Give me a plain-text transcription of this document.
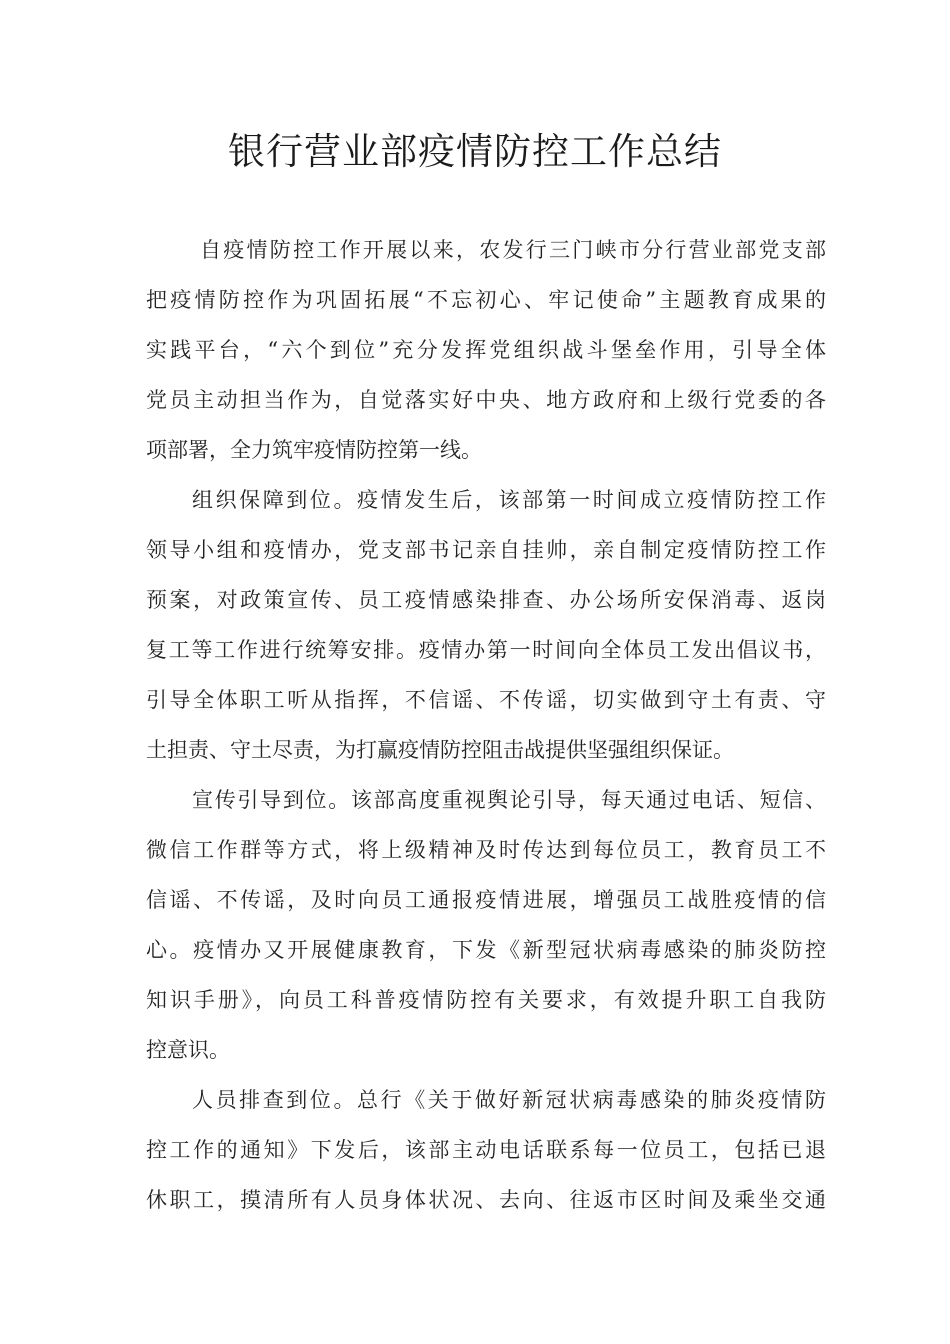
银行营业部疫情防控工作总结

自疫情防控工作开展以来，农发行三门峡市分行营业部党支部

把疫情防控作为巩固拓展“不忘初心、牢记使命”主题教育成果的

实践平台，“六个到位”充分发挥党组织战斗堡垒作用，引导全体

党员主动担当作为，自觉落实好中央、地方政府和上级行党委的各

项部署，全力筑牢疫情防控第一线。

组织保障到位。疫情发生后，该部第一时间成立疫情防控工作

领导小组和疫情办，党支部书记亲自挂帅，亲自制定疫情防控工作

预案，对政策宣传、员工疫情感染排查、办公场所安保消毒、返岗

复工等工作进行统筹安排。疫情办第一时间向全体员工发出倡议书，

引导全体职工听从指挥，不信谣、不传谣，切实做到守土有责、守

土担责、守土尽责，为打赢疫情防控阻击战提供坚强组织保证。

宣传引导到位。该部高度重视舆论引导，每天通过电话、短信、

微信工作群等方式，将上级精神及时传达到每位员工，教育员工不

信谣、不传谣，及时向员工通报疫情进展，增强员工战胜疫情的信

心。疫情办又开展健康教育，下发《新型冠状病毒感染的肺炎防控

知识手册》，向员工科普疫情防控有关要求，有效提升职工自我防

控意识。

人员排查到位。总行《关于做好新冠状病毒感染的肺炎疫情防

控工作的通知》下发后，该部主动电话联系每一位员工，包括已退

休职工，摸清所有人员身体状况、去向、往返市区时间及乘坐交通
